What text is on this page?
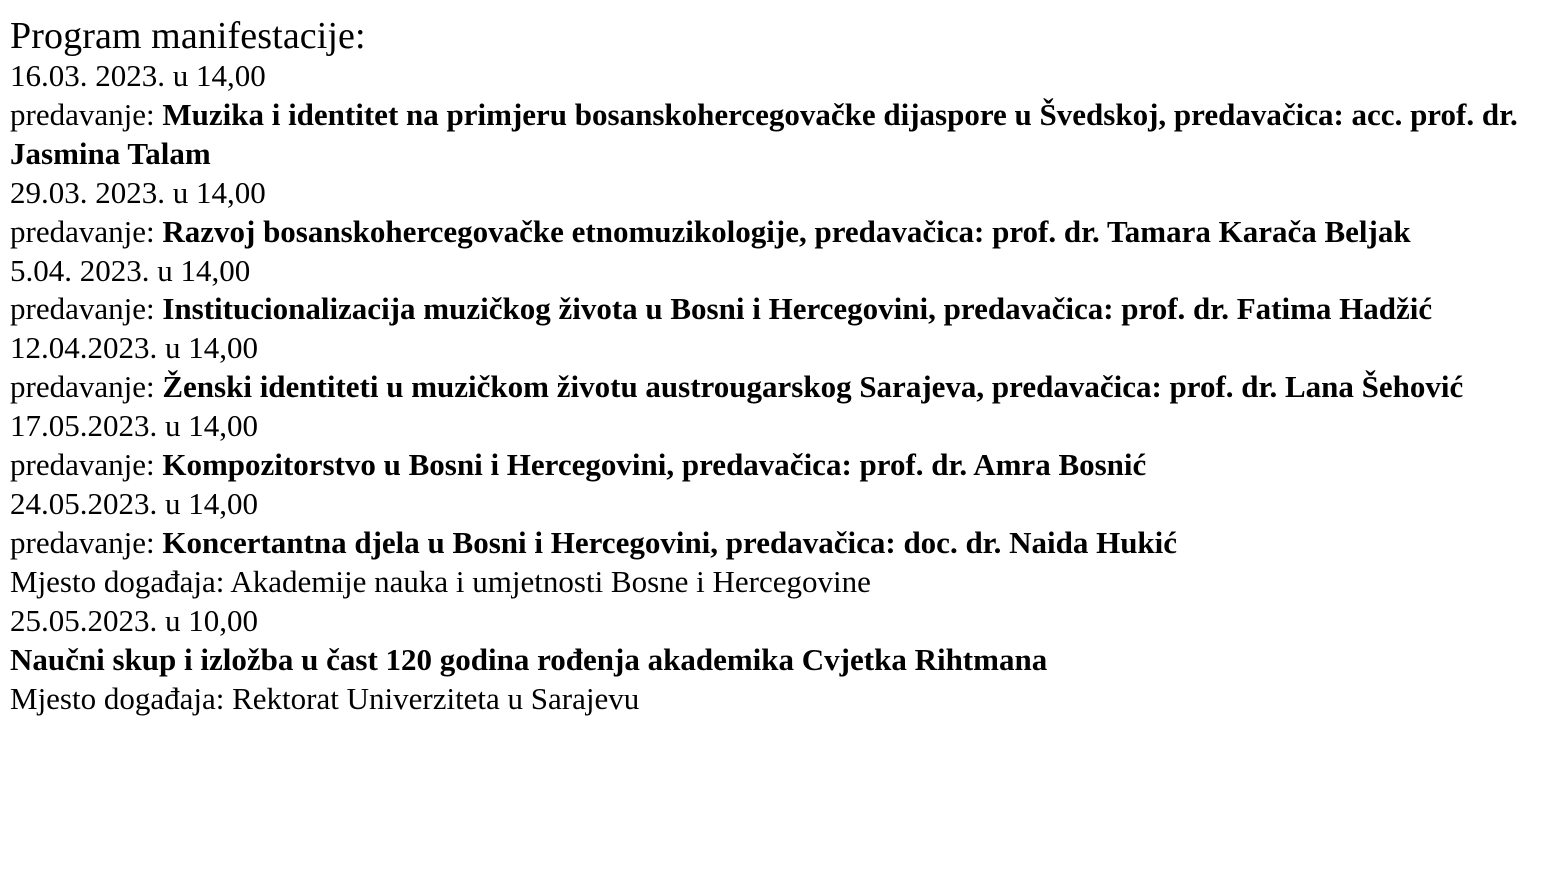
Program manifestacije:
16.03. 2023. u 14,00
predavanje: Muzika i identitet na primjeru bosanskohercegovačke dijaspore u Švedskoj, predavačica: acc. prof. dr. Jasmina Talam
29.03. 2023. u 14,00
predavanje: Razvoj bosanskohercegovačke etnomuzikologije, predavačica: prof. dr. Tamara Karača Beljak
5.04. 2023. u 14,00
predavanje: Institucionalizacija muzičkog života u Bosni i Hercegovini, predavačica: prof. dr. Fatima Hadžić
12.04.2023. u 14,00
predavanje: Ženski identiteti u muzičkom životu austrougarskog Sarajeva, predavačica: prof. dr. Lana Šehović
17.05.2023. u 14,00
predavanje: Kompozitorstvo u Bosni i Hercegovini, predavačica: prof. dr. Amra Bosnić
24.05.2023. u 14,00
predavanje: Koncertantna djela u Bosni i Hercegovini, predavačica: doc. dr. Naida Hukić
Mjesto događaja: Akademije nauka i umjetnosti Bosne i Hercegovine
25.05.2023. u 10,00
Naučni skup i izložba u čast 120 godina rođenja akademika Cvjetka Rihtmana
Mjesto događaja: Rektorat Univerziteta u Sarajevu
